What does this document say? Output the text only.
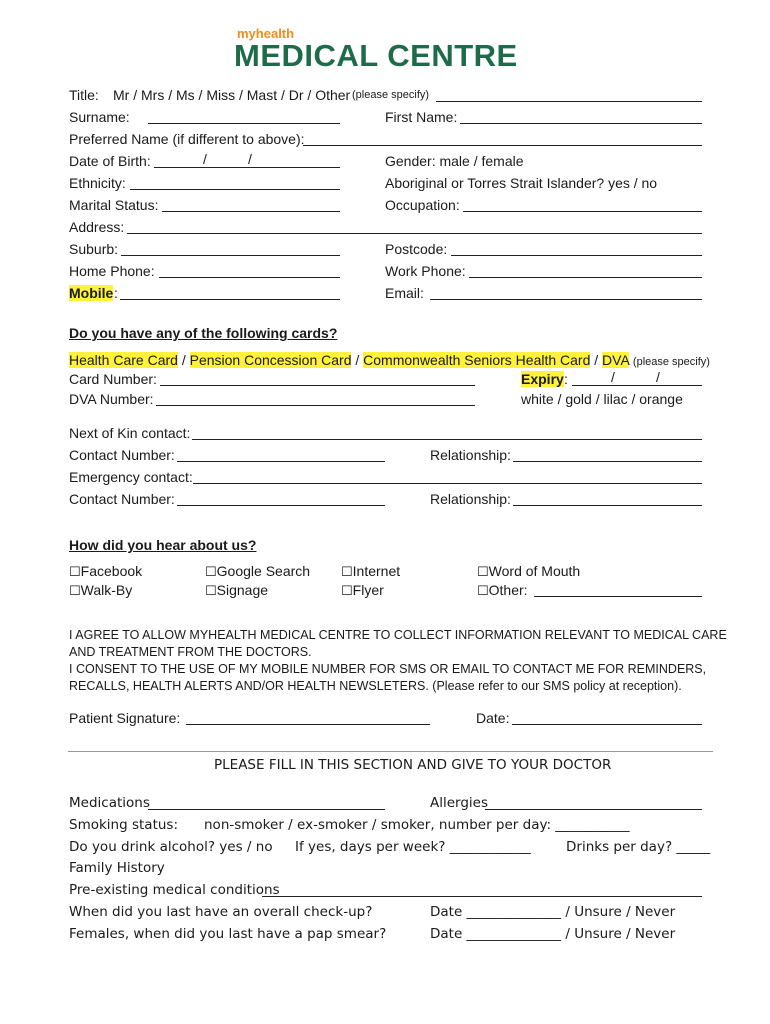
myhealth
MEDICAL CENTRE
Title: Mr / Mrs / Ms / Miss / Mast / Dr / Other (please specify)
Surname:	First Name:
Preferred Name (if different to above):
Date of Birth:	/	/	Gender: male / female
Ethnicity:	Aboriginal or Torres Strait Islander? yes / no
Marital Status:	Occupation:
Address:
Suburb:	Postcode:
Home Phone:	Work Phone:
Mobile :	Email:
Do you have any of the following cards?
Health Care Card / Pension Concession Card / Commonwealth Seniors Health Card / DVA (please specify)
Card Number:	Expiry :	/	/
DVA Number:	white / gold / lilac / orange
Next of Kin contact:
Contact Number:	Relationship:
Emergency contact:
Contact Number:	Relationship:
How did you hear about us?
☐Facebook	☐Google Search ☐Internet	☐Word of Mouth
☐Walk-By	☐Signage	☐Flyer	☐Other:
I AGREE TO ALLOW MYHEALTH MEDICAL CENTRE TO COLLECT INFORMATION RELEVANT TO MEDICAL CARE AND TREATMENT FROM THE DOCTORS.
I CONSENT TO THE USE OF MY MOBILE NUMBER FOR SMS OR EMAIL TO CONTACT ME FOR REMINDERS, RECALLS, HEALTH ALERTS AND/OR HEALTH NEWSLETERS. (Please refer to our SMS policy at reception).
Patient Signature:	Date:
PLEASE FILL IN THIS SECTION AND GIVE TO YOUR DOCTOR
Medications	Allergies
Smoking status: non-smoker / ex-smoker / smoker, number per day: ___________
Do you drink alcohol? yes / no If yes, days per week? ____________	Drinks per day? _____
Family History
Pre-existing medical conditions
When did you last have an overall check-up?	Date ______________ / Unsure / Never
Females, when did you last have a pap smear?	Date ______________ / Unsure / Never
